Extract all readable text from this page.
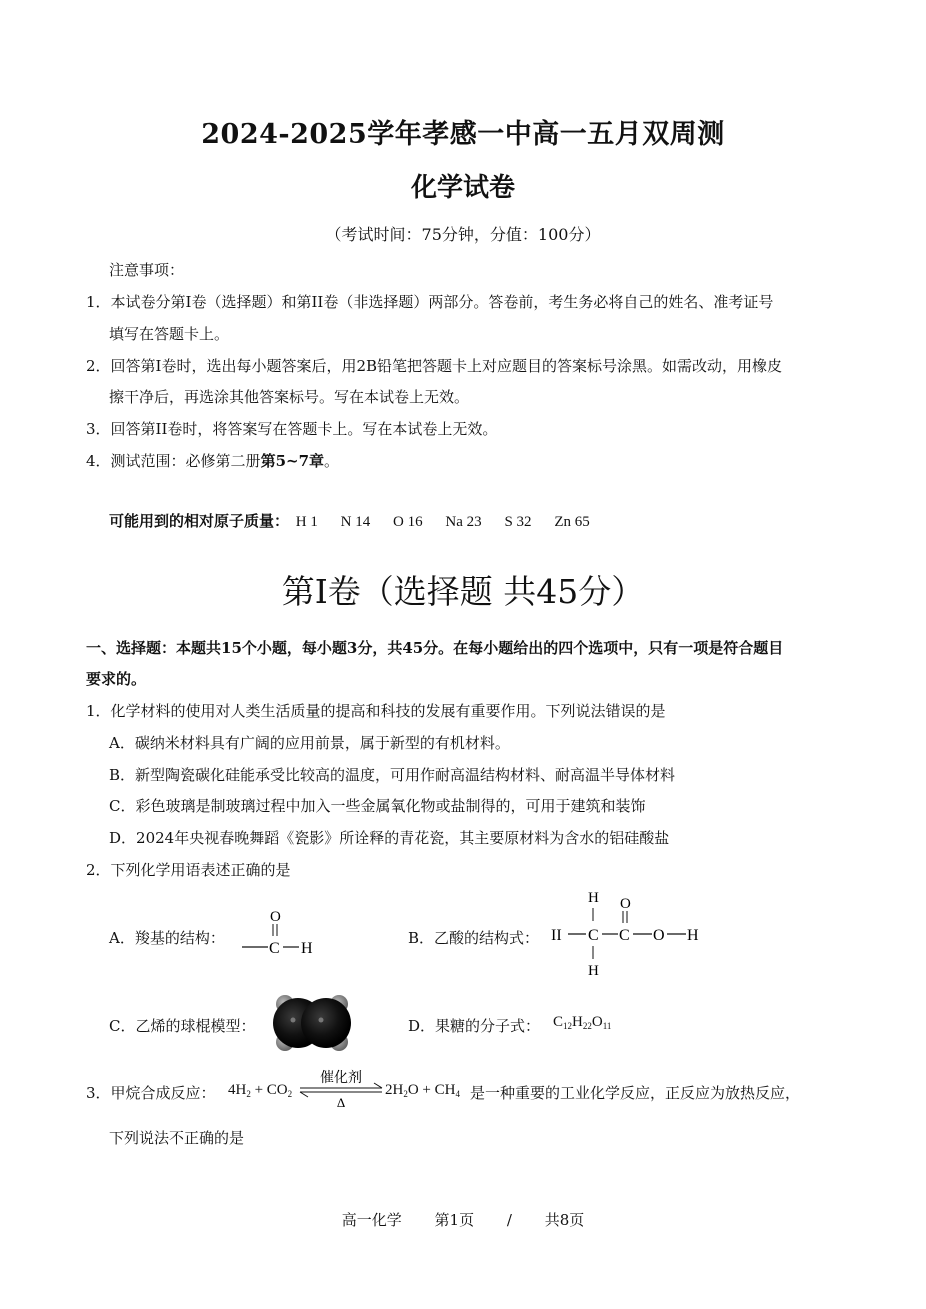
2024-2025学年孝感一中高一五月双周测
化学试卷
（考试时间：75分钟，分值：100分）
注意事项：
1．本试卷分第I卷（选择题）和第II卷（非选择题）两部分。答卷前，考生务必将自己的姓名、准考证号
填写在答题卡上。
2．回答第I卷时，选出每小题答案后，用2B铅笔把答题卡上对应题目的答案标号涂黑。如需改动，用橡皮
擦干净后，再选涂其他答案标号。写在本试卷上无效。
3．回答第II卷时，将答案写在答题卡上。写在本试卷上无效。
4．测试范围：必修第二册第5~7章。
可能用到的相对原子质量： H 1 N 14 O 16 Na 23 S 32 Zn 65
第I卷（选择题 共45分）
一、选择题：本题共15个小题，每小题3分，共45分。在每小题给出的四个选项中，只有一项是符合题目
要求的。
1．化学材料的使用对人类生活质量的提高和科技的发展有重要作用。下列说法错误的是
A．碳纳米材料具有广阔的应用前景，属于新型的有机材料。
B．新型陶瓷碳化硅能承受比较高的温度，可用作耐高温结构材料、耐高温半导体材料
C．彩色玻璃是制玻璃过程中加入一些金属氧化物或盐制得的，可用于建筑和装饰
D．2024年央视春晚舞蹈《瓷影》所诠释的青花瓷，其主要原材料为含水的铝硅酸盐
2．下列化学用语表述正确的是
A．羧基的结构：
O
C H
B．乙酸的结构式：
H O
II C C O H
H
C．乙烯的球棍模型：	D．果糖的分子式： $C_{12}H_{22}O_{11}$
3．甲烷合成反应： $4H_2 + CO_2$
催化剂
Δ
$2H_2O + CH_4$ 是一种重要的工业化学反应，正反应为放热反应，
下列说法不正确的是
高一化学 第1页 / 共8页
